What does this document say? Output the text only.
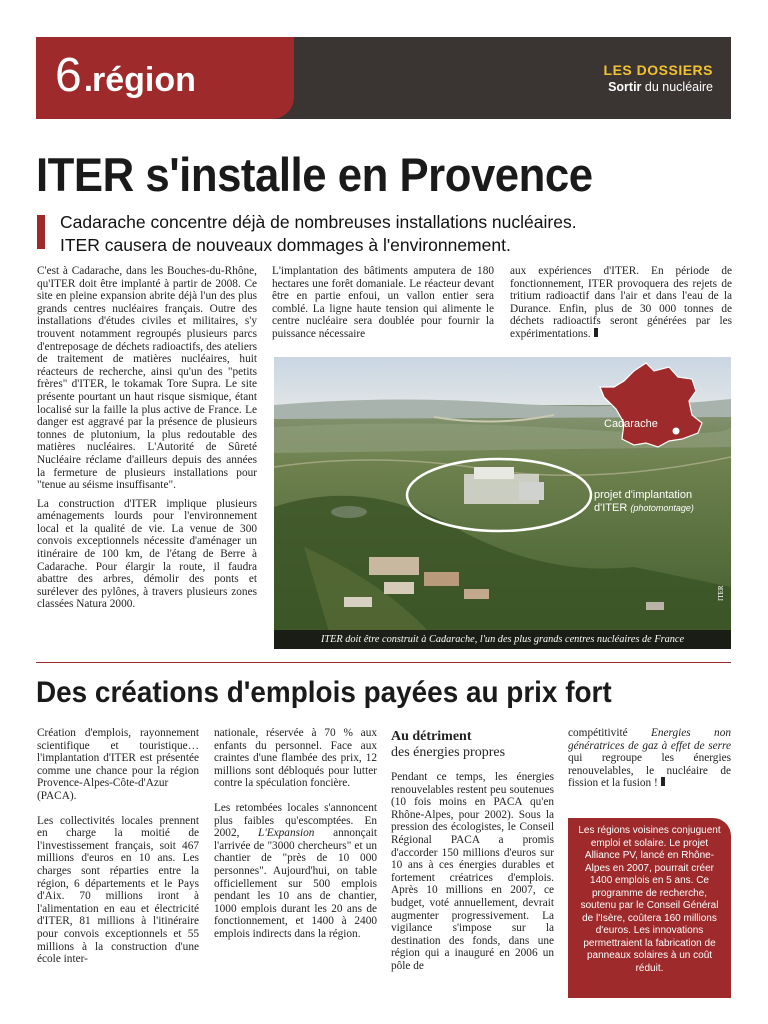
6.
région	LES DOSSIERS
Sortir du nucléaire
ITER s'installe en Provence
Cadarache concentre déjà de nombreuses installations nucléaires.
ITER causera de nouveaux dommages à l'environnement.

C'est à Cadarache, dans les Bouches-du-Rhône, qu'ITER doit être implanté à partir de 2008. Ce site en pleine expansion abrite déjà l'un des plus grands centres nucléaires français. Outre des installations d'études civiles et militaires, s'y trouvent notamment regroupés plusieurs parcs d'entreposage de déchets radioactifs, des ateliers de traitement de matières nucléaires, huit réacteurs de recherche, ainsi qu'un des "petits frères" d'ITER, le tokamak Tore Supra. Le site présente pourtant un haut risque sismique, étant localisé sur la faille la plus active de France. Le danger est aggravé par la présence de plusieurs tonnes de plutonium, la plus redoutable des matières nucléaires. L'Autorité de Sûreté Nucléaire réclame d'ailleurs depuis des années la fermeture de plusieurs installations pour "tenue au séisme insuffisante".

La construction d'ITER implique plusieurs aménagements lourds pour l'environnement local et la qualité de vie. La venue de 300 convois exceptionnels nécessite d'aménager un itinéraire de 100 km, de l'étang de Berre à Cadarache. Pour élargir la route, il faudra abattre des arbres, démolir des ponts et surélever des pylônes, à travers plusieurs zones classées Natura 2000.

L'implantation des bâtiments amputera de 180 hectares une forêt domaniale. Le réacteur devant être en partie enfoui, un vallon entier sera comblé. La ligne haute tension qui alimente le centre nucléaire sera doublée pour fournir la puissance nécessaire

aux expériences d'ITER. En période de fonctionnement, ITER provoquera des rejets de tritium radioactif dans l'air et dans l'eau de la Durance. Enfin, plus de 30 000 tonnes de déchets radioactifs seront générées par les expérimentations.

Cadarache
projet d'implantation
d'ITER (photomontage)
ITER
ITER doit être construit à Cadarache, l'un des plus grands centres nucléaires de France
Des créations d'emplois payées au prix fort

Création d'emplois, rayonnement scientifique et touristique… l'implantation d'ITER est présentée comme une chance pour la région Provence-Alpes-Côte-d'Azur (PACA).

Les collectivités locales prennent en charge la moitié de l'investissement français, soit 467 millions d'euros en 10 ans. Les charges sont réparties entre la région, 6 départements et le Pays d'Aix. 70 millions iront à l'alimentation en eau et électricité d'ITER, 81 millions à l'itinéraire pour convois exceptionnels et 55 millions à la construction d'une école inter-

nationale, réservée à 70 % aux enfants du personnel. Face aux craintes d'une flambée des prix, 12 millions sont débloqués pour lutter contre la spéculation foncière.

Les retombées locales s'annoncent plus faibles qu'escomptées. En 2002, L'Expansion annonçait l'arrivée de "3000 chercheurs" et un chantier de "près de 10 000 personnes". Aujourd'hui, on table officiellement sur 500 emplois pendant les 10 ans de chantier, 1000 emplois durant les 20 ans de fonctionnement, et 1400 à 2400 emplois indirects dans la région.

Au détriment
des énergies propres

Pendant ce temps, les énergies renouvelables restent peu soutenues (10 fois moins en PACA qu'en Rhône-Alpes, pour 2002). Sous la pression des écologistes, le Conseil Régional PACA a promis d'accorder 150 millions d'euros sur 10 ans à ces énergies durables et fortement créatrices d'emplois. Après 10 millions en 2007, ce budget, voté annuellement, devrait augmenter progressivement. La vigilance s'impose sur la destination des fonds, dans une région qui a inauguré en 2006 un pôle de

compétitivité Energies non génératrices de gaz à effet de serre qui regroupe les énergies renouvelables, le nucléaire de fission et la fusion !

Les régions voisines conjuguent emploi et solaire. Le projet Alliance PV, lancé en Rhône-Alpes en 2007, pourrait créer 1400 emplois en 5 ans. Ce programme de recherche, soutenu par le Conseil Général de l'Isère, coûtera 160 millions d'euros. Les innovations permettraient la fabrication de panneaux solaires à un coût réduit.
